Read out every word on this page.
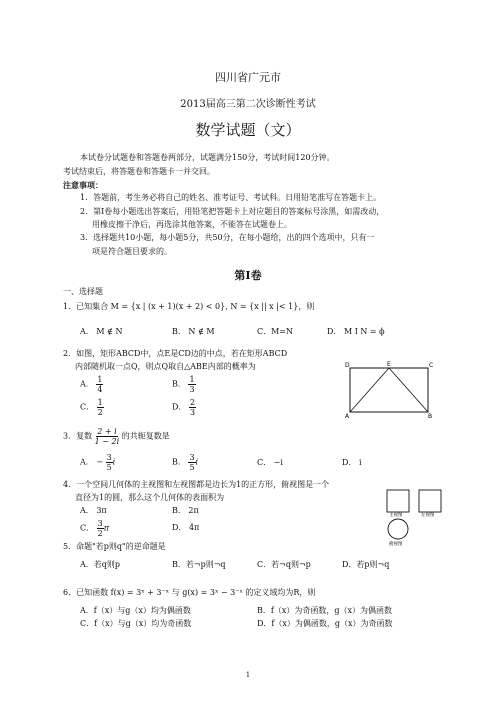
四川省广元市
2013届高三第二次诊断性考试
数学试题（文）
本试卷分试题卷和答题卷两部分，试题满分150分，考试时间120分钟。
考试结束后，将答题卷和答题卡一并交回。
注意事项：
1．答题前，考生务必将自己的姓名、准考证号、考试科。日用铅笔准写在答题卡上。
2．第I卷每小题选出答案后，用铅笔把答题卡上对应题目的答案标号涂黑，如需改动，
用橡皮擦干净后，再选涂其他答案，不能答在试题卷上。
3．选择题共10小题，每小题5分，共50分，在每小题给，出的四个选项中，只有一
项是符合题目要求的。
第I卷
一、选择题
1．已知集合 M = {x | (x + 1)(x + 2) < 0}, N = {x || x |< 1}，则
A． M ∉ N	B． N ∉ M	C．M=N	D． M I N = ϕ
2．如图，矩形ABCD中，点E是CD边的中点，若在矩形ABCD
内部随机取一点Q，则点Q取自△ABE内部的概率为
A． $\frac{1}{4}$	B． $\frac{1}{3}$
C． $\frac{1}{2}$	D． $\frac{2}{3}$
D	E	C
A	B
3．复数 $\frac{2 + i}{1 - 2i}$ 的共轭复数是
A． − $\frac{3}{5}$ i	B． $\frac{3}{5}$ i	C． −i	D． i
4．一个空间几何体的主视图和左视图都是边长为1的正方形，俯视图是一个
直径为1的圆，那么这个几何体的表面积为
A． 3π	B． 2π
C． $\frac{3}{2}$ π	D． 4π
主视图	左视图
俯视图
5．命题"若p则q"的逆命题是
A．若q则p	B．若¬p则¬q	C．若¬q则¬p	D．若p则¬q
6．已知函数 f(x) = 3ˣ + 3⁻ˣ 与 g(x) = 3ˣ − 3⁻ˣ 的定义域均为R，则
A．f（x）与g（x）均为偶函数	B．f（x）为奇函数，g（x）为偶函数
C．f（x）与g（x）均为奇函数	D．f（x）为偶函数，g（x）为奇函数
1
